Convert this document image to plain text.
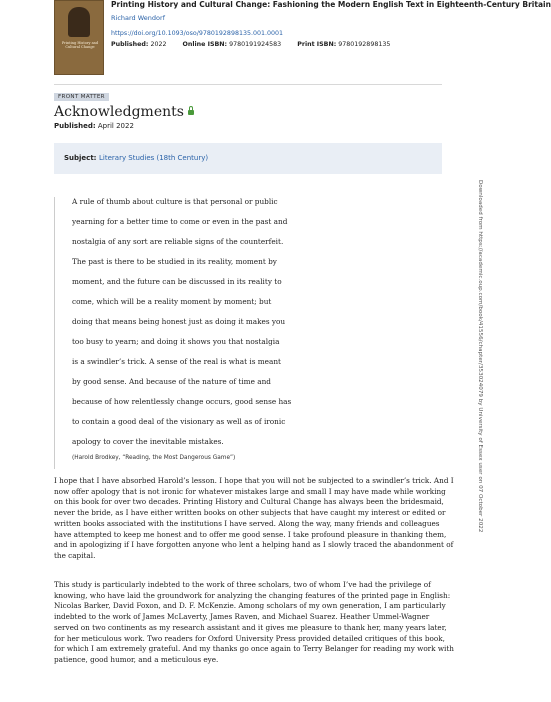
Printing History and Cultural Change
Printing History and Cultural Change: Fashioning the Modern English Text in Eighteenth-Century Britain
Richard Wendorf
https://doi.org/10.1093/oso/9780192898135.001.0001
Published: 2022	Online ISBN: 9780191924583	Print ISBN: 9780192898135
FRONT MATTER
Acknowledgments
Published: April 2022
Subject: Literary Studies (18th Century)
A rule of thumb about culture is that personal or public
yearning for a better time to come or even in the past and
nostalgia of any sort are reliable signs of the counterfeit.
The past is there to be studied in its reality, moment by
moment, and the future can be discussed in its reality to
come, which will be a reality moment by moment; but
doing that means being honest just as doing it makes you
too busy to yearn; and doing it shows you that nostalgia
is a swindler’s trick. A sense of the real is what is meant
by good sense. And because of the nature of time and
because of how relentlessly change occurs, good sense has
to contain a good deal of the visionary as well as of ironic
apology to cover the inevitable mistakes.
(Harold Brodkey, “Reading, the Most Dangerous Game”)
I hope that I have absorbed Harold’s lesson. I hope that you will not be subjected to a swindler’s trick. And I
now offer apology that is not ironic for whatever mistakes large and small I may have made while working
on this book for over two decades. Printing History and Cultural Change has always been the bridesmaid,
never the bride, as I have either written books on other subjects that have caught my interest or edited or
written books associated with the institutions I have served. Along the way, many friends and colleagues
have attempted to keep me honest and to offer me good sense. I take profound pleasure in thanking them,
and in apologizing if I have forgotten anyone who lent a helping hand as I slowly traced the abandonment of
the capital.
This study is particularly indebted to the work of three scholars, two of whom I’ve had the privilege of
knowing, who have laid the groundwork for analyzing the changing features of the printed page in English:
Nicolas Barker, David Foxon, and D. F. McKenzie. Among scholars of my own generation, I am particularly
indebted to the work of James McLaverty, James Raven, and Michael Suarez. Heather Ummel-Wagner
served on two continents as my research assistant and it gives me pleasure to thank her, many years later,
for her meticulous work. Two readers for Oxford University Press provided detailed critiques of this book,
for which I am extremely grateful. And my thanks go once again to Terry Belanger for reading my work with
patience, good humor, and a meticulous eye.
Downloaded from https://academic.oup.com/book/41556/chapter/353024079 by University of Essex user on 07 October 2022
